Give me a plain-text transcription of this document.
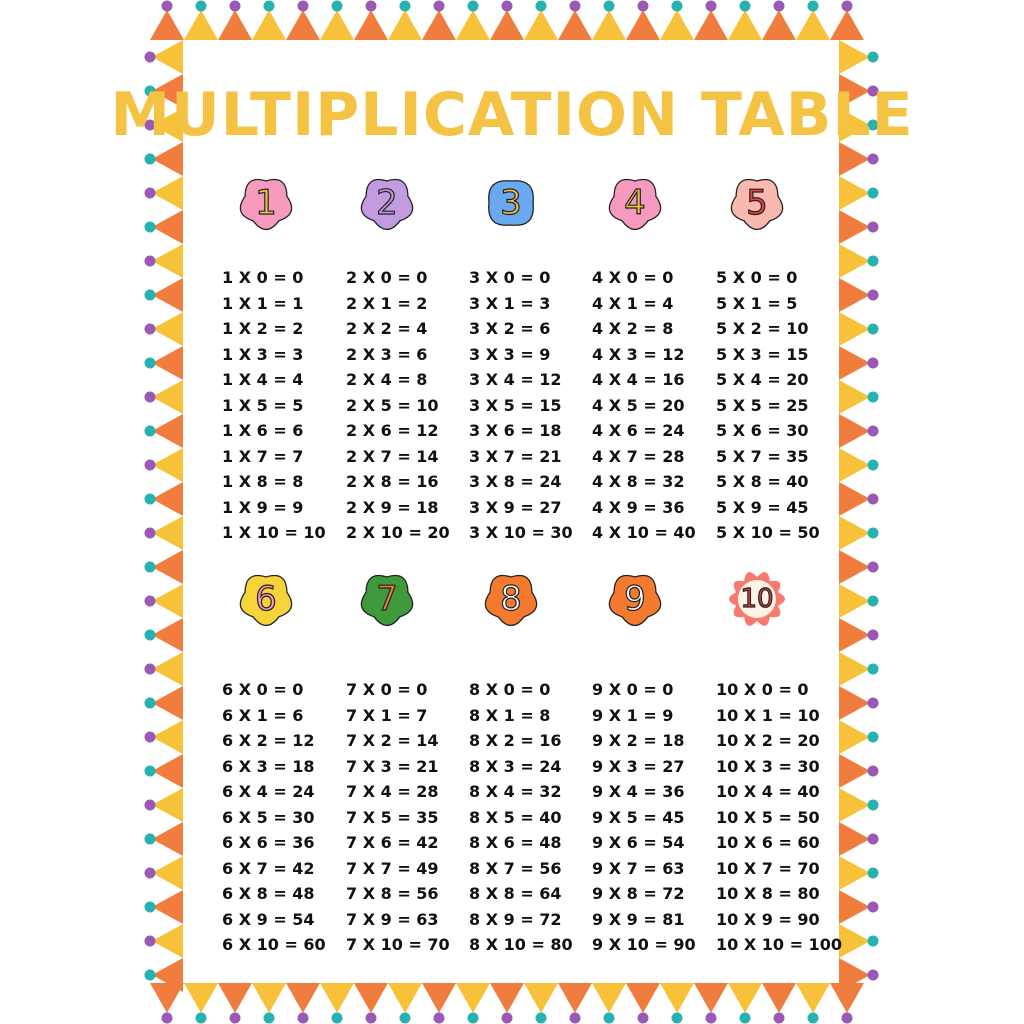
MULTIPLICATION TABLE
1
1 X 0 = 0
1 X 1 = 1
1 X 2 = 2
1 X 3 = 3
1 X 4 = 4
1 X 5 = 5
1 X 6 = 6
1 X 7 = 7
1 X 8 = 8
1 X 9 = 9
1 X 10 = 10
2
2 X 0 = 0
2 X 1 = 2
2 X 2 = 4
2 X 3 = 6
2 X 4 = 8
2 X 5 = 10
2 X 6 = 12
2 X 7 = 14
2 X 8 = 16
2 X 9 = 18
2 X 10 = 20
3
3 X 0 = 0
3 X 1 = 3
3 X 2 = 6
3 X 3 = 9
3 X 4 = 12
3 X 5 = 15
3 X 6 = 18
3 X 7 = 21
3 X 8 = 24
3 X 9 = 27
3 X 10 = 30
4
4 X 0 = 0
4 X 1 = 4
4 X 2 = 8
4 X 3 = 12
4 X 4 = 16
4 X 5 = 20
4 X 6 = 24
4 X 7 = 28
4 X 8 = 32
4 X 9 = 36
4 X 10 = 40
5
5 X 0 = 0
5 X 1 = 5
5 X 2 = 10
5 X 3 = 15
5 X 4 = 20
5 X 5 = 25
5 X 6 = 30
5 X 7 = 35
5 X 8 = 40
5 X 9 = 45
5 X 10 = 50
6
6 X 0 = 0
6 X 1 = 6
6 X 2 = 12
6 X 3 = 18
6 X 4 = 24
6 X 5 = 30
6 X 6 = 36
6 X 7 = 42
6 X 8 = 48
6 X 9 = 54
6 X 10 = 60
7
7 X 0 = 0
7 X 1 = 7
7 X 2 = 14
7 X 3 = 21
7 X 4 = 28
7 X 5 = 35
7 X 6 = 42
7 X 7 = 49
7 X 8 = 56
7 X 9 = 63
7 X 10 = 70
8
8 X 0 = 0
8 X 1 = 8
8 X 2 = 16
8 X 3 = 24
8 X 4 = 32
8 X 5 = 40
8 X 6 = 48
8 X 7 = 56
8 X 8 = 64
8 X 9 = 72
8 X 10 = 80
9
9 X 0 = 0
9 X 1 = 9
9 X 2 = 18
9 X 3 = 27
9 X 4 = 36
9 X 5 = 45
9 X 6 = 54
9 X 7 = 63
9 X 8 = 72
9 X 9 = 81
9 X 10 = 90
10
10 X 0 = 0
10 X 1 = 10
10 X 2 = 20
10 X 3 = 30
10 X 4 = 40
10 X 5 = 50
10 X 6 = 60
10 X 7 = 70
10 X 8 = 80
10 X 9 = 90
10 X 10 = 100
